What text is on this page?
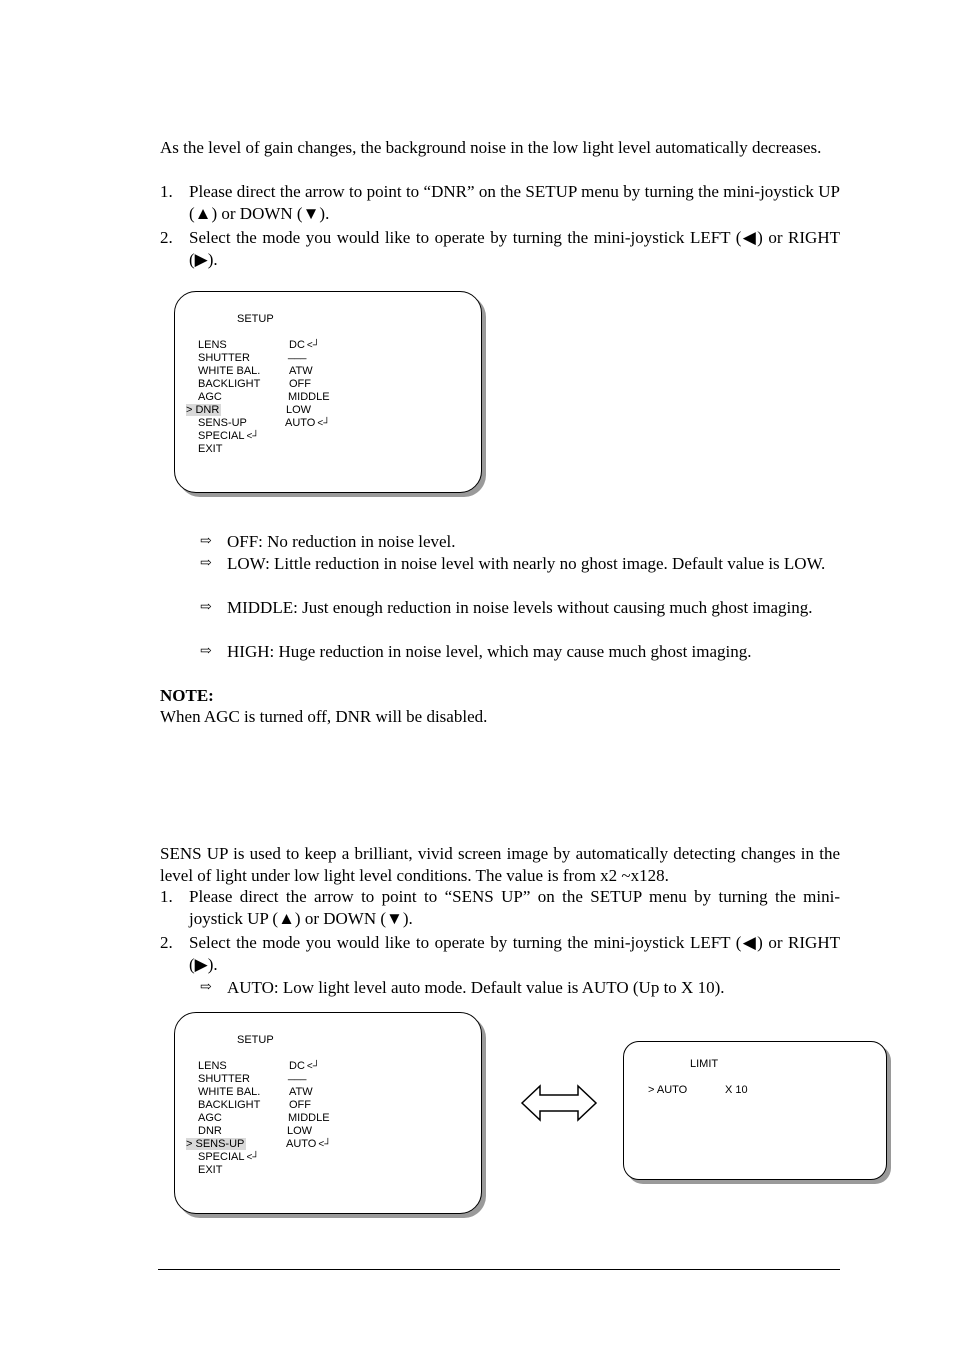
As the level of gain changes, the background noise in the low light level automatically decreases.
1. Please direct the arrow to point to “DNR” on the SETUP menu by turning the mini-joystick UP (▲) or DOWN (▼).
2. Select the mode you would like to operate by turning the mini-joystick LEFT (◀) or RIGHT (▶).
SETUP
LENS	DC <┘
SHUTTER	___
WHITE BAL.	ATW
BACKLIGHT	OFF
AGC	MIDDLE
> DNR	LOW
SENS-UP	AUTO <┘
SPECIAL <┘
EXIT
⇨ OFF: No reduction in noise level.
⇨ LOW: Little reduction in noise level with nearly no ghost image. Default value is LOW.
⇨ MIDDLE: Just enough reduction in noise levels without causing much ghost imaging.
⇨ HIGH: Huge reduction in noise level, which may cause much ghost imaging.
NOTE:
When AGC is turned off, DNR will be disabled.
SENS UP is used to keep a brilliant, vivid screen image by automatically detecting changes in the level of light under low light level conditions. The value is from x2 ~x128.
1. Please direct the arrow to point to “SENS UP” on the SETUP menu by turning the mini-joystick UP (▲) or DOWN (▼).
2. Select the mode you would like to operate by turning the mini-joystick LEFT (◀) or RIGHT (▶).
⇨ AUTO: Low light level auto mode. Default value is AUTO (Up to X 10).
SETUP
LENS	DC <┘
SHUTTER	___
WHITE BAL.	ATW
BACKLIGHT	OFF
AGC	MIDDLE
DNR	LOW
> SENS-UP	AUTO <┘
SPECIAL <┘
EXIT
LIMIT
> AUTO	X 10
